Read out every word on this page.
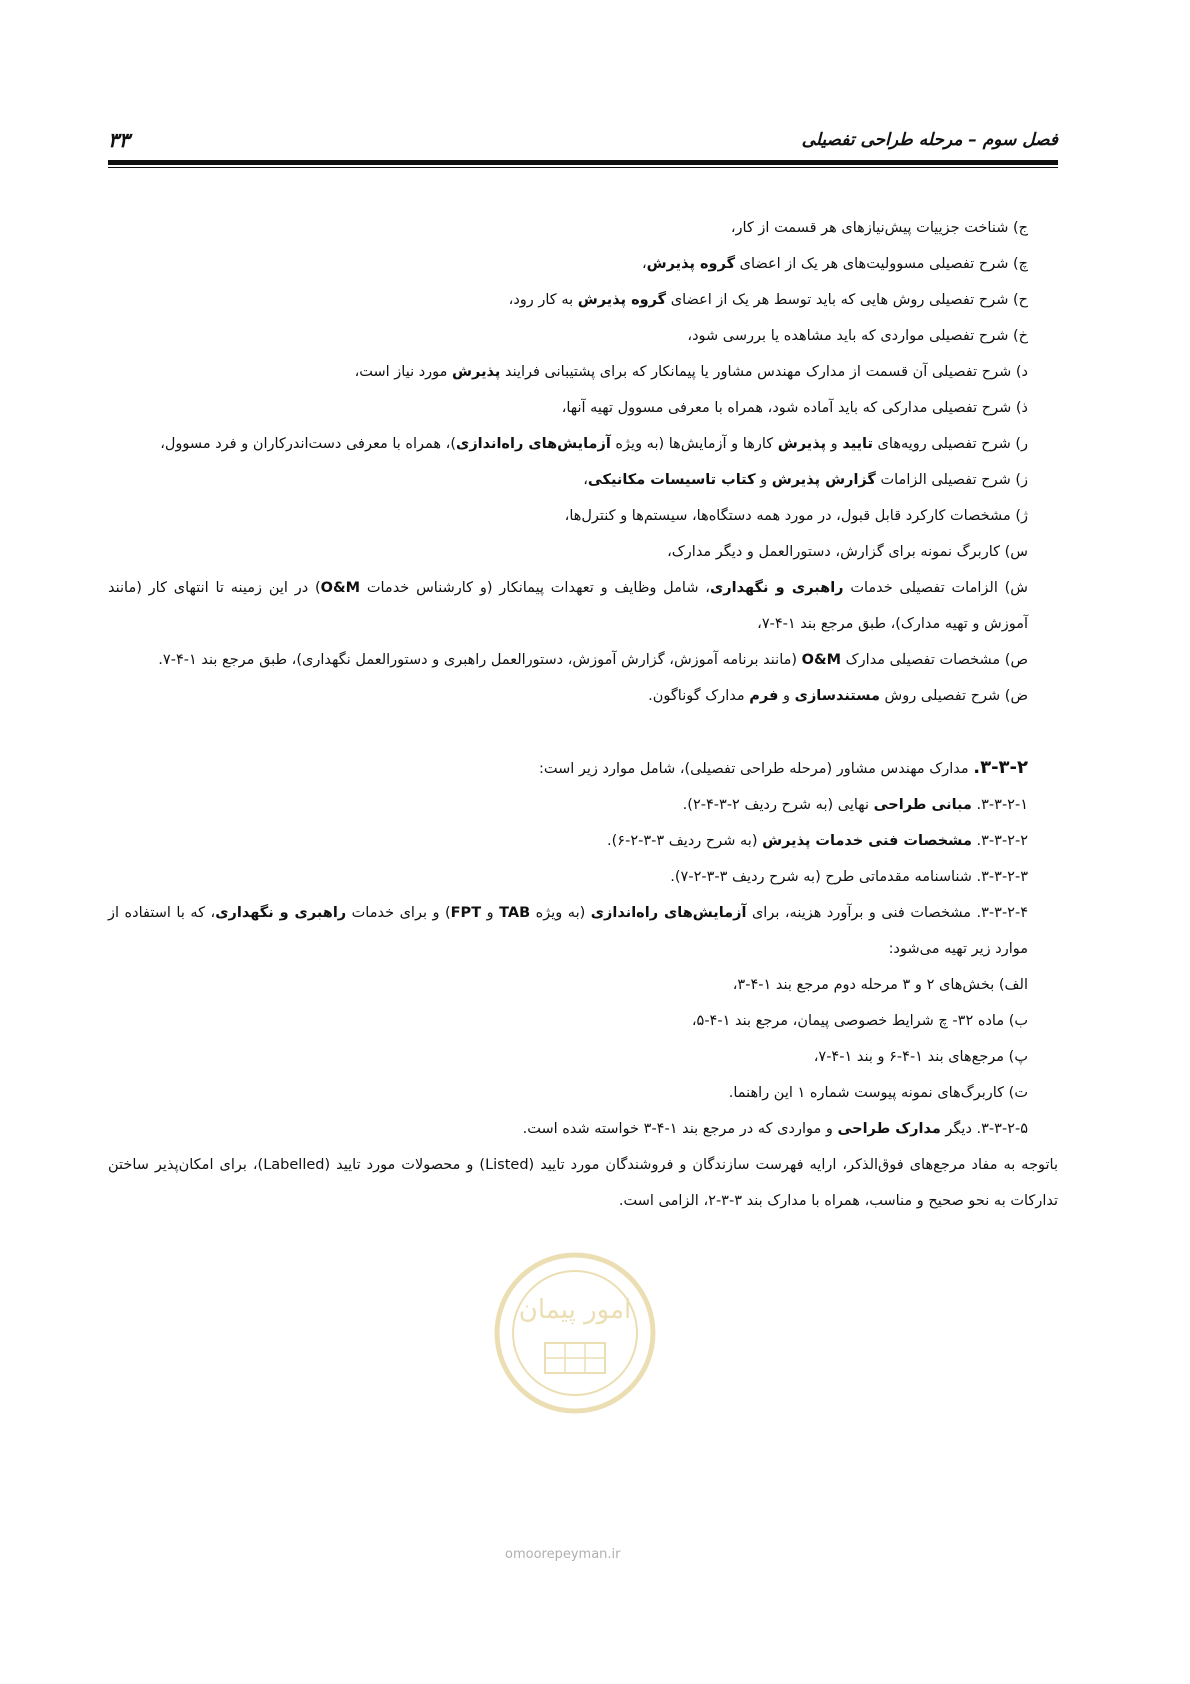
فصل سوم – مرحله طراحی تفصیلی
۳۳

ج) شناخت جزییات پیش‌نیازهای هر قسمت از کار،

چ) شرح تفصیلی مسوولیت‌های هر یک از اعضای گروه پذیرش،

ح) شرح تفصیلی روش هایی که باید توسط هر یک از اعضای گروه پذیرش به کار رود،

خ) شرح تفصیلی مواردی که باید مشاهده یا بررسی شود،

د) شرح تفصیلی آن قسمت از مدارک مهندس مشاور یا پیمانکار که برای پشتیبانی فرایند پذیرش مورد نیاز است،

ذ) شرح تفصیلی مدارکی که باید آماده شود، همراه با معرفی مسوول تهیه آنها،

ر) شرح تفصیلی رویه‌های تایید و پذیرش کارها و آزمایش‌ها (به ویژه آزمایش‌های راه‌اندازی)، همراه با معرفی دست‌اندرکاران و فرد مسوول،

ز) شرح تفصیلی الزامات گزارش پذیرش و کتاب تاسیسات مکانیکی،

ژ) مشخصات کارکرد قابل قبول، در مورد همه دستگاه‌ها، سیستم‌ها و کنترل‌ها،

س) کاربرگ نمونه برای گزارش، دستورالعمل و دیگر مدارک،

ش) الزامات تفصیلی خدمات راهبری و نگهداری، شامل وظایف و تعهدات پیمانکار (و کارشناس خدمات O&M) در این زمینه تا انتهای کار (مانند آموزش و تهیه مدارک)، طبق مرجع بند ۱-۴-۷،

ص) مشخصات تفصیلی مدارک O&M (مانند برنامه آموزش، گزارش آموزش، دستورالعمل راهبری و دستورالعمل نگهداری)، طبق مرجع بند ۱-۴-۷.

ض) شرح تفصیلی روش مستندسازی و فرم مدارک گوناگون.

۳-۳-۲. مدارک مهندس مشاور (مرحله طراحی تفصیلی)، شامل موارد زیر است:

۳-۳-۲-۱. مبانی طراحی نهایی (به شرح ردیف ۲-۳-۴-۲).

۳-۳-۲-۲. مشخصات فنی خدمات پذیرش (به شرح ردیف ۳-۳-۲-۶).

۳-۳-۲-۳. شناسنامه مقدماتی طرح (به شرح ردیف ۳-۳-۲-۷).

۳-۳-۲-۴. مشخصات فنی و برآورد هزینه، برای آزمایش‌های راه‌اندازی (به ویژه TAB و FPT) و برای خدمات راهبری و نگهداری، که با استفاده از موارد زیر تهیه می‌شود:

الف) بخش‌های ۲ و ۳ مرحله دوم مرجع بند ۱-۴-۳،

ب) ماده ۳۲- چ شرایط خصوصی پیمان، مرجع بند ۱-۴-۵،

پ) مرجع‌های بند ۱-۴-۶ و بند ۱-۴-۷،

ت) کاربرگ‌های نمونه پیوست شماره ۱ این راهنما.

۳-۳-۲-۵. دیگر مدارک طراحی و مواردی که در مرجع بند ۱-۴-۳ خواسته شده است.

باتوجه به مفاد مرجع‌های فوق‌الذکر، ارایه فهرست سازندگان و فروشندگان مورد تایید (Listed) و محصولات مورد تایید (Labelled)، برای امکان‌پذیر ساختن تدارکات به نحو صحیح و مناسب، همراه با مدارک بند ۳-۳-۲، الزامی است.

امور پیمان
omoorepeyman.ir
